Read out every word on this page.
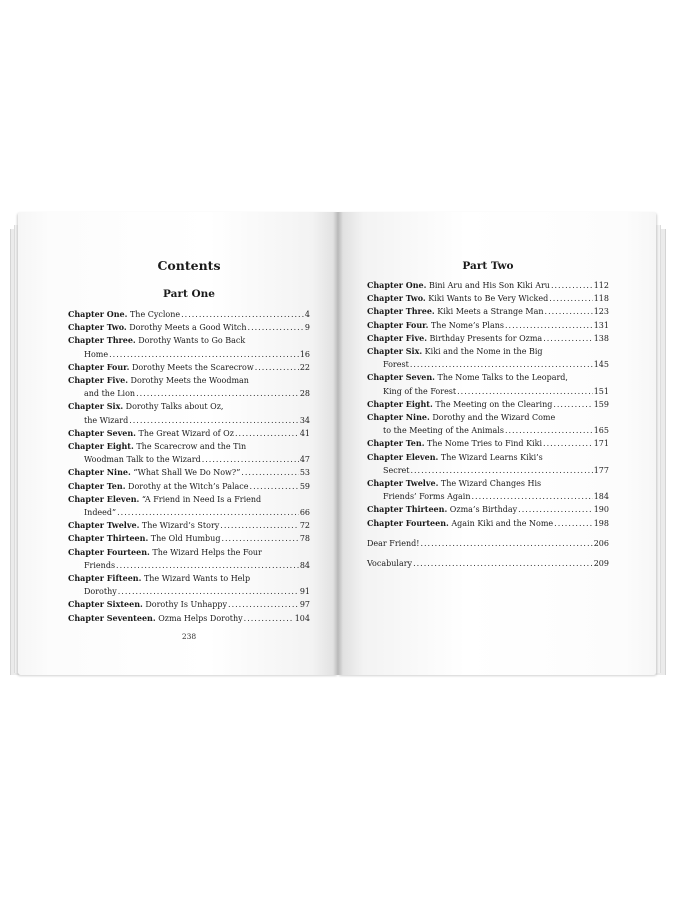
Contents
Part One
Chapter One. The Cyclone .....	4
Chapter Two. Dorothy Meets a Good Witch .....	9
Chapter Three. Dorothy Wants to Go Back
Home .....	16
Chapter Four. Dorothy Meets the Scarecrow .....	22
Chapter Five. Dorothy Meets the Woodman
and the Lion .....	28
Chapter Six. Dorothy Talks about Oz,
the Wizard .....	34
Chapter Seven. The Great Wizard of Oz .....	41
Chapter Eight. The Scarecrow and the Tin
Woodman Talk to the Wizard .....	47
Chapter Nine. “What Shall We Do Now?” .....	53
Chapter Ten. Dorothy at the Witch’s Palace .....	59
Chapter Eleven. “A Friend in Need Is a Friend
Indeed” .....	66
Chapter Twelve. The Wizard’s Story .....	72
Chapter Thirteen. The Old Humbug .....	78
Chapter Fourteen. The Wizard Helps the Four
Friends .....	84
Chapter Fifteen. The Wizard Wants to Help
Dorothy .....	91
Chapter Sixteen. Dorothy Is Unhappy .....	97
Chapter Seventeen. Ozma Helps Dorothy .....	104
238
Part Two
Chapter One. Bini Aru and His Son Kiki Aru .....	112
Chapter Two. Kiki Wants to Be Very Wicked .....	118
Chapter Three. Kiki Meets a Strange Man .....	123
Chapter Four. The Nome’s Plans .....	131
Chapter Five. Birthday Presents for Ozma .....	138
Chapter Six. Kiki and the Nome in the Big
Forest .....	145
Chapter Seven. The Nome Talks to the Leopard,
King of the Forest .....	151
Chapter Eight. The Meeting on the Clearing .....	159
Chapter Nine. Dorothy and the Wizard Come
to the Meeting of the Animals .....	165
Chapter Ten. The Nome Tries to Find Kiki .....	171
Chapter Eleven. The Wizard Learns Kiki’s
Secret .....	177
Chapter Twelve. The Wizard Changes His
Friends’ Forms Again .....	184
Chapter Thirteen. Ozma’s Birthday .....	190
Chapter Fourteen. Again Kiki and the Nome .....	198
Dear Friend! .....	206
Vocabulary .....	209
